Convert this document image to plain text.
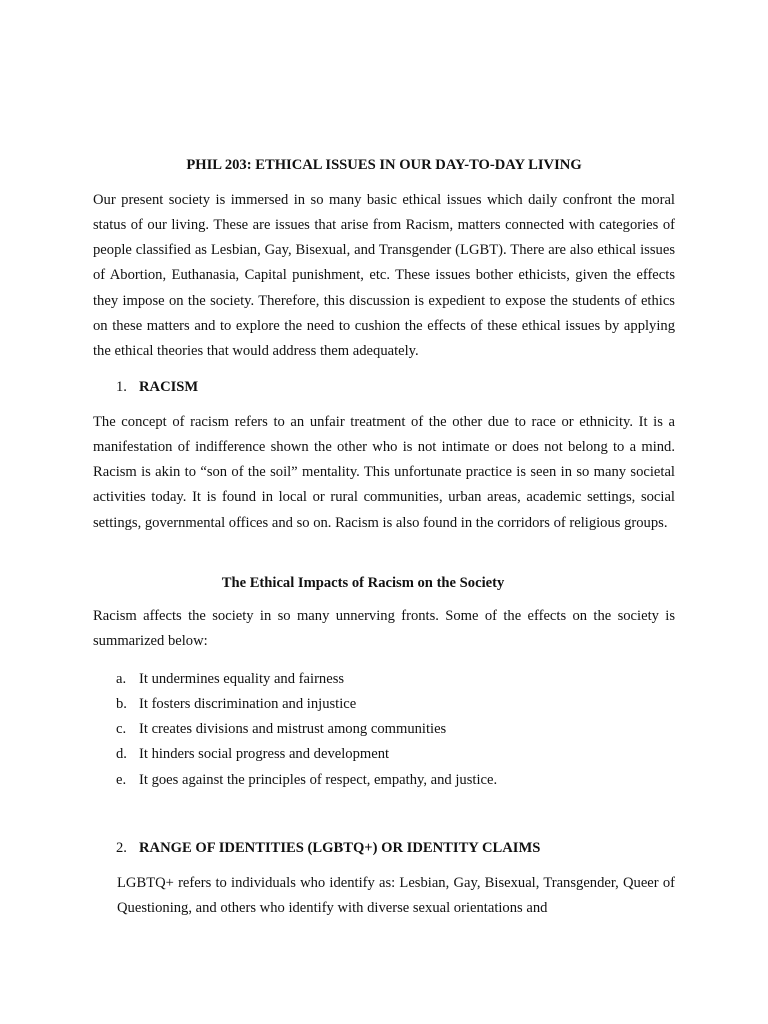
PHIL 203: ETHICAL ISSUES IN OUR DAY-TO-DAY LIVING

Our present society is immersed in so many basic ethical issues which daily confront the moral status of our living. These are issues that arise from Racism, matters connected with categories of people classified as Lesbian, Gay, Bisexual, and Transgender (LGBT). There are also ethical issues of Abortion, Euthanasia, Capital punishment, etc. These issues bother ethicists, given the effects they impose on the society. Therefore, this discussion is expedient to expose the students of ethics on these matters and to explore the need to cushion the effects of these ethical issues by applying the ethical theories that would address them adequately.

1. RACISM

The concept of racism refers to an unfair treatment of the other due to race or ethnicity. It is a manifestation of indifference shown the other who is not intimate or does not belong to a mind. Racism is akin to “son of the soil” mentality. This unfortunate practice is seen in so many societal activities today. It is found in local or rural communities, urban areas, academic settings, social settings, governmental offices and so on. Racism is also found in the corridors of religious groups.

The Ethical Impacts of Racism on the Society

Racism affects the society in so many unnerving fronts. Some of the effects on the society is summarized below:

a. It undermines equality and fairness
b. It fosters discrimination and injustice
c. It creates divisions and mistrust among communities
d. It hinders social progress and development
e. It goes against the principles of respect, empathy, and justice.
2. RANGE OF IDENTITIES (LGBTQ+) OR IDENTITY CLAIMS

LGBTQ+ refers to individuals who identify as: Lesbian, Gay, Bisexual, Transgender, Queer of Questioning, and others who identify with diverse sexual orientations and
